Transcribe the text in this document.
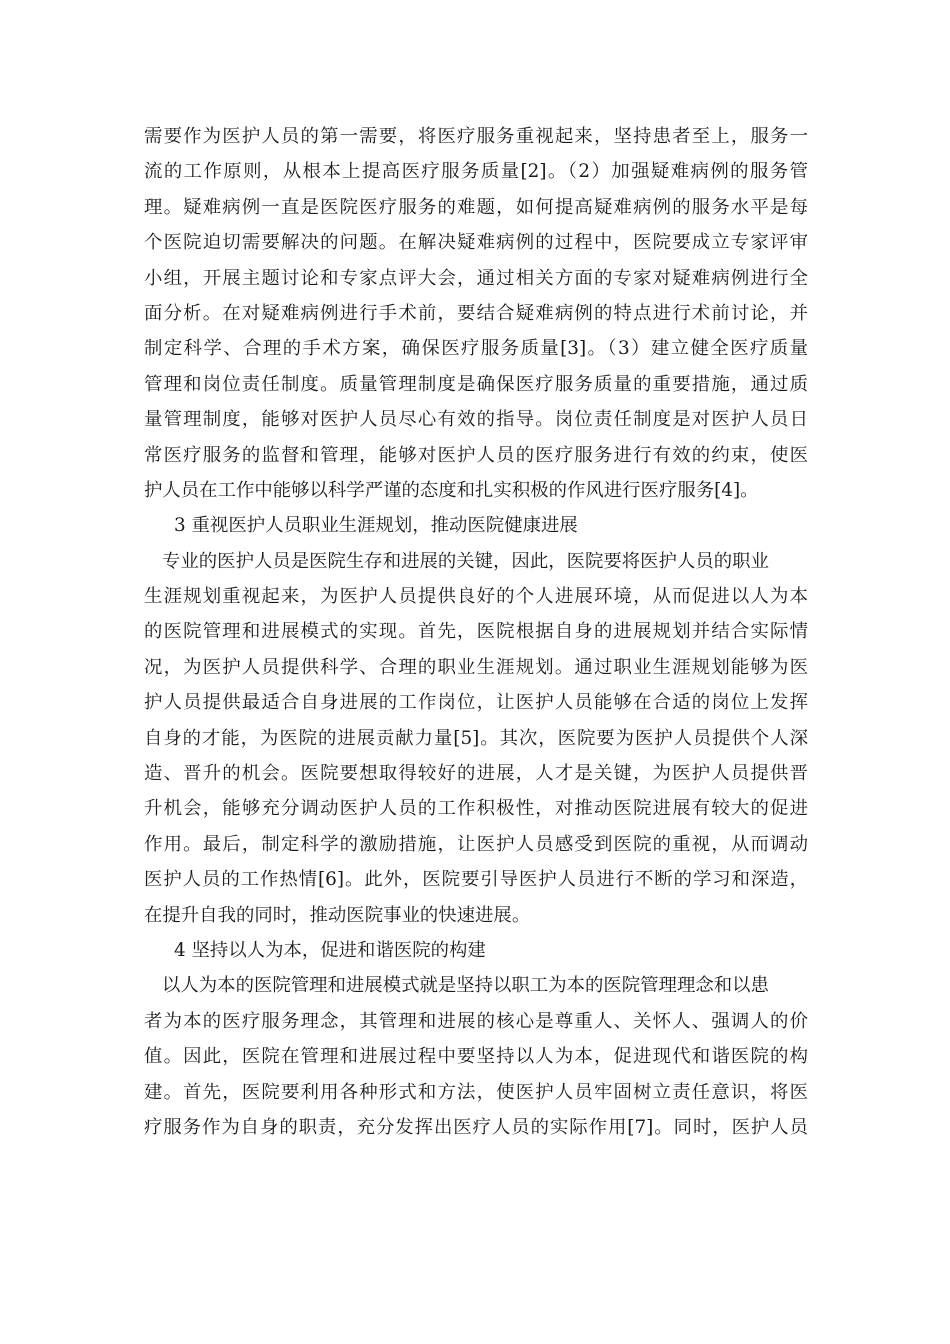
需要作为医护人员的第一需要，将医疗服务重视起来，坚持患者至上，服务一
流的工作原则，从根本上提高医疗服务质量[2]。（2）加强疑难病例的服务管
理。疑难病例一直是医院医疗服务的难题，如何提高疑难病例的服务水平是每
个医院迫切需要解决的问题。在解决疑难病例的过程中，医院要成立专家评审
小组，开展主题讨论和专家点评大会，通过相关方面的专家对疑难病例进行全
面分析。在对疑难病例进行手术前，要结合疑难病例的特点进行术前讨论，并
制定科学、合理的手术方案，确保医疗服务质量[3]。（3）建立健全医疗质量
管理和岗位责任制度。质量管理制度是确保医疗服务质量的重要措施，通过质
量管理制度，能够对医护人员尽心有效的指导。岗位责任制度是对医护人员日
常医疗服务的监督和管理，能够对医护人员的医疗服务进行有效的约束，使医
护人员在工作中能够以科学严谨的态度和扎实积极的作风进行医疗服务[4]。
3 重视医护人员职业生涯规划，推动医院健康进展
专业的医护人员是医院生存和进展的关键，因此，医院要将医护人员的职业
生涯规划重视起来，为医护人员提供良好的个人进展环境，从而促进以人为本
的医院管理和进展模式的实现。首先，医院根据自身的进展规划并结合实际情
况，为医护人员提供科学、合理的职业生涯规划。通过职业生涯规划能够为医
护人员提供最适合自身进展的工作岗位，让医护人员能够在合适的岗位上发挥
自身的才能，为医院的进展贡献力量[5]。其次，医院要为医护人员提供个人深
造、晋升的机会。医院要想取得较好的进展，人才是关键，为医护人员提供晋
升机会，能够充分调动医护人员的工作积极性，对推动医院进展有较大的促进
作用。最后，制定科学的激励措施，让医护人员感受到医院的重视，从而调动
医护人员的工作热情[6]。此外，医院要引导医护人员进行不断的学习和深造，
在提升自我的同时，推动医院事业的快速进展。
4 坚持以人为本，促进和谐医院的构建
以人为本的医院管理和进展模式就是坚持以职工为本的医院管理理念和以患
者为本的医疗服务理念，其管理和进展的核心是尊重人、关怀人、强调人的价
值。因此，医院在管理和进展过程中要坚持以人为本，促进现代和谐医院的构
建。首先，医院要利用各种形式和方法，使医护人员牢固树立责任意识，将医
疗服务作为自身的职责，充分发挥出医疗人员的实际作用[7]。同时，医护人员
